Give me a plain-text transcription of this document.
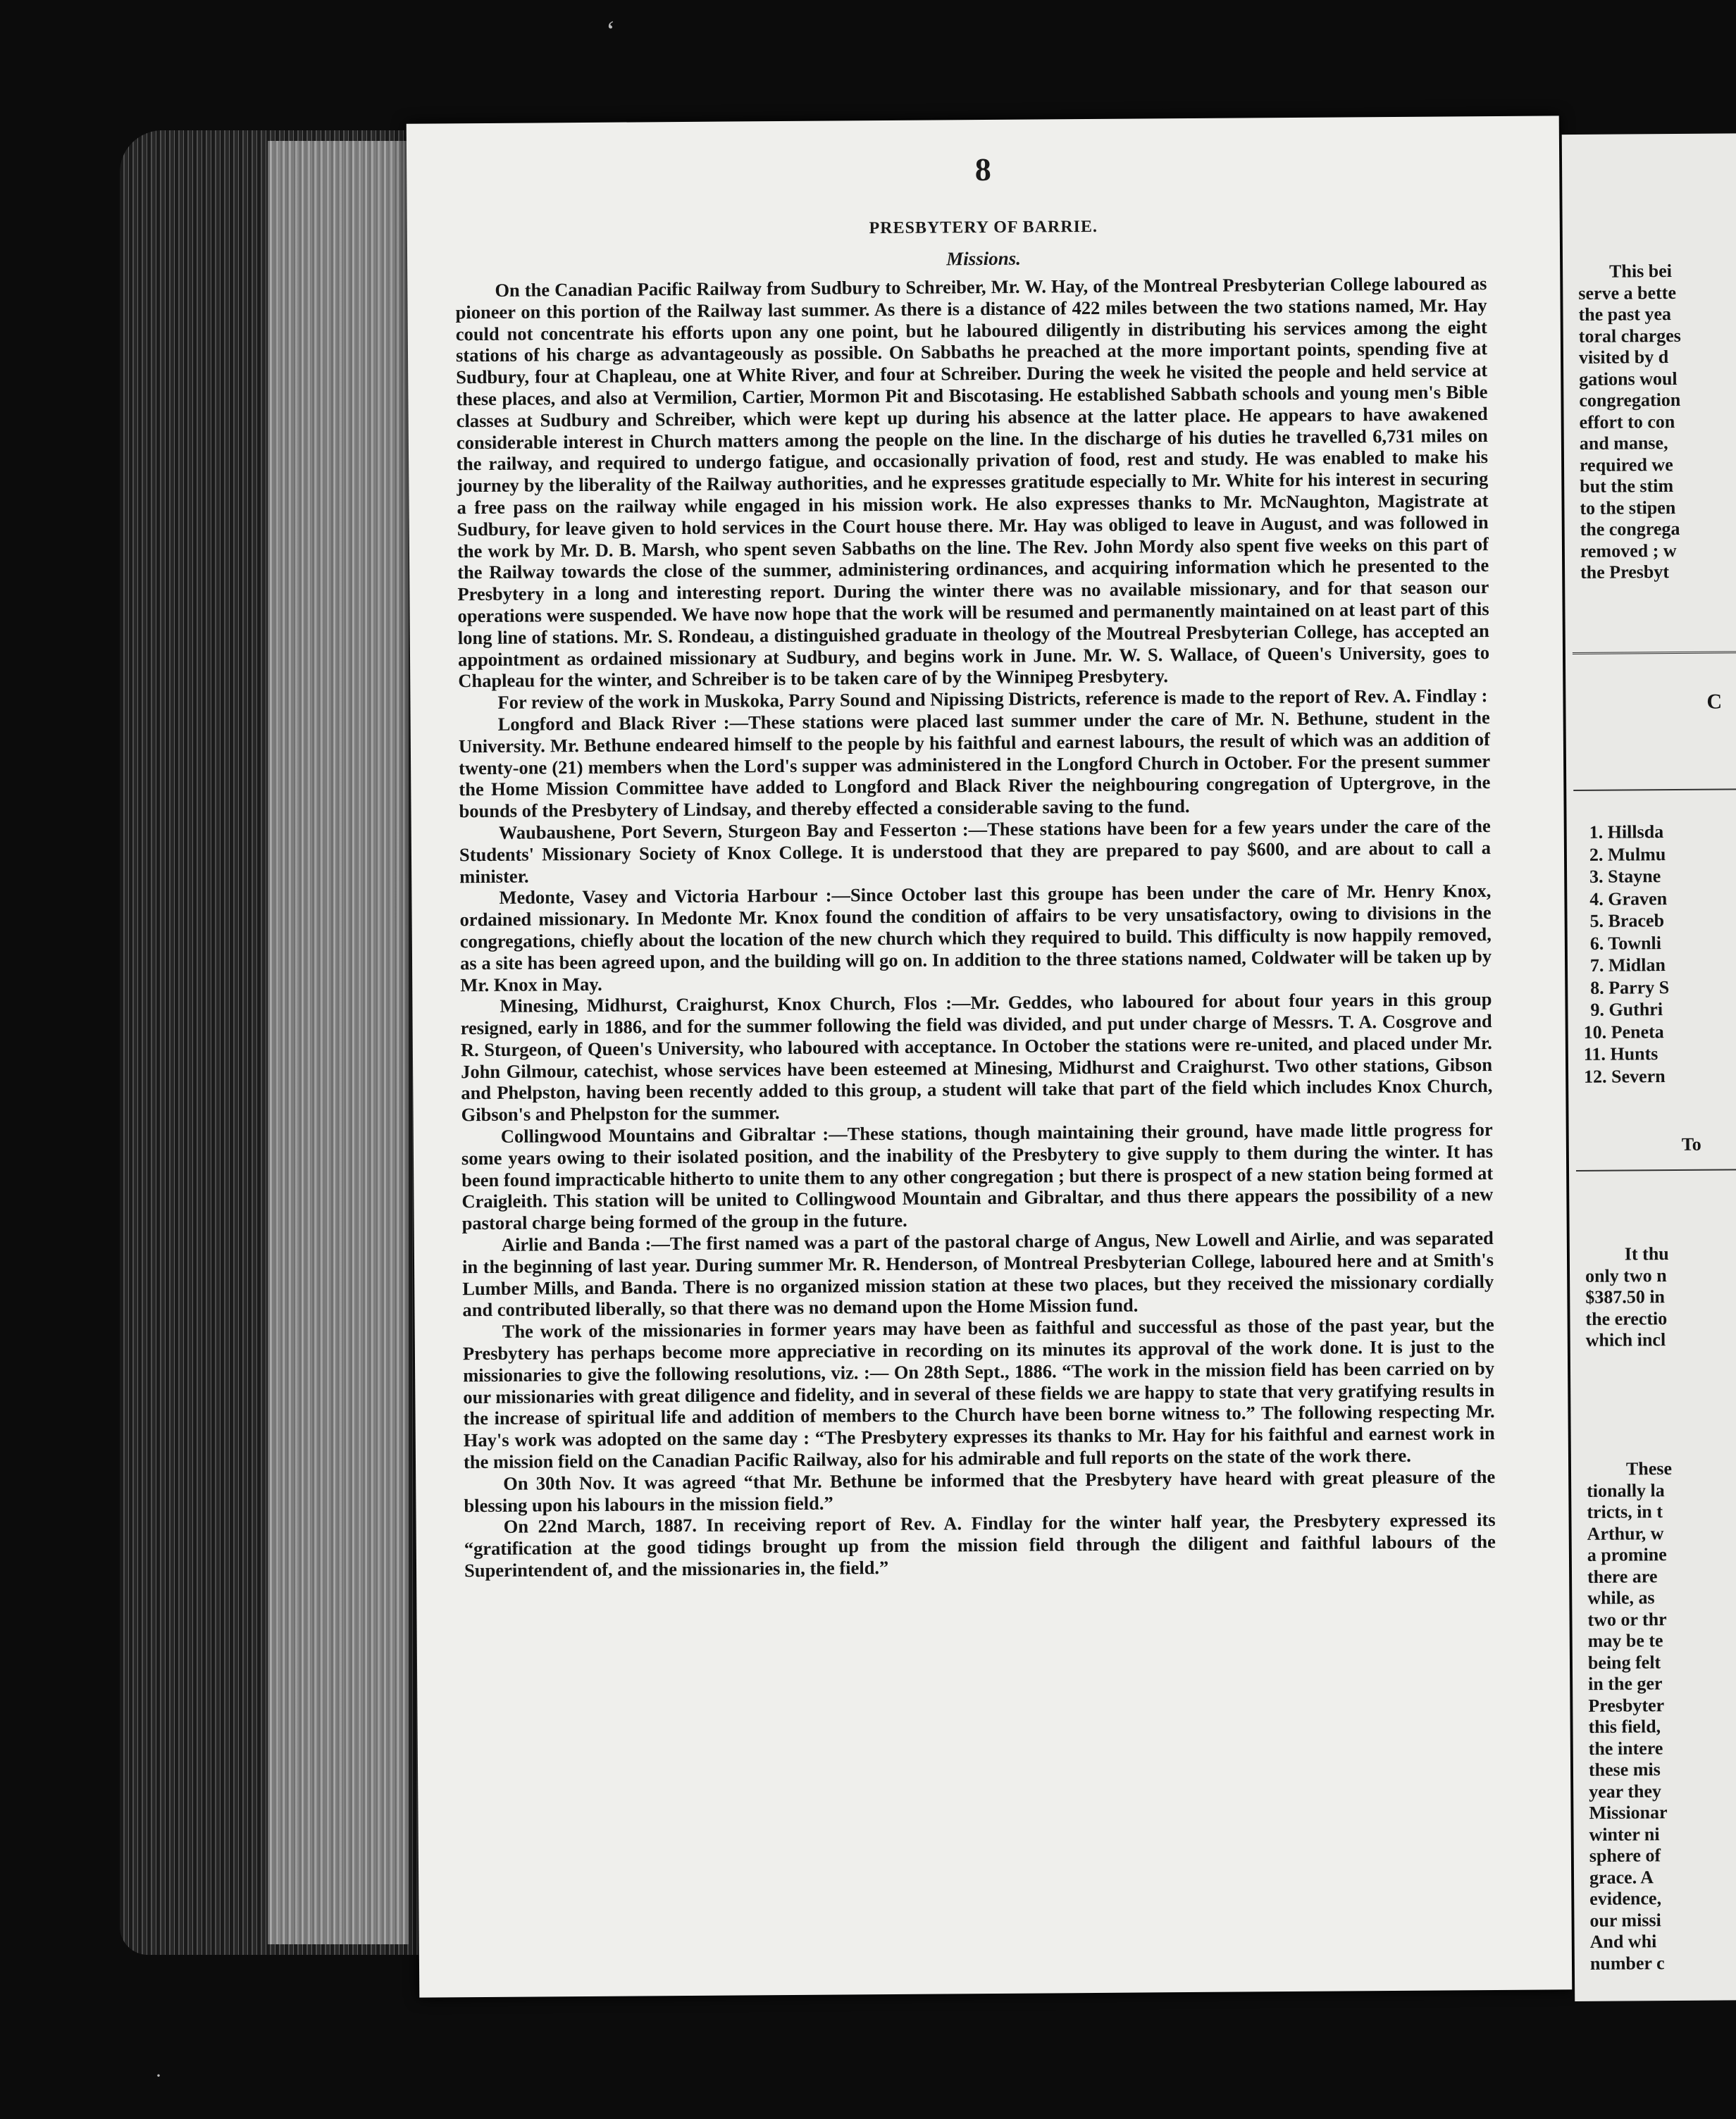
8
PRESBYTERY OF BARRIE.
Missions.

On the Canadian Pacific Railway from Sudbury to Schreiber, Mr. W. Hay, of the Montreal Presbyterian College laboured as pioneer on this portion of the Railway last summer. As there is a distance of 422 miles between the two stations named, Mr. Hay could not concentrate his efforts upon any one point, but he laboured diligently in distributing his services among the eight stations of his charge as advantageously as possible. On Sabbaths he preached at the more important points, spending five at Sudbury, four at Chapleau, one at White River, and four at Schreiber. During the week he visited the people and held service at these places, and also at Vermilion, Cartier, Mormon Pit and Biscotasing. He established Sabbath schools and young men's Bible classes at Sudbury and Schreiber, which were kept up during his absence at the latter place. He appears to have awakened considerable interest in Church matters among the people on the line. In the discharge of his duties he travelled 6,731 miles on the railway, and required to undergo fatigue, and occasionally privation of food, rest and study. He was enabled to make his journey by the liberality of the Railway authorities, and he expresses gratitude especially to Mr. White for his interest in securing a free pass on the railway while engaged in his mission work. He also expresses thanks to Mr. McNaughton, Magistrate at Sudbury, for leave given to hold services in the Court house there. Mr. Hay was obliged to leave in August, and was followed in the work by Mr. D. B. Marsh, who spent seven Sabbaths on the line. The Rev. John Mordy also spent five weeks on this part of the Railway towards the close of the summer, administering ordinances, and acquiring information which he presented to the Presbytery in a long and interesting report. During the winter there was no available missionary, and for that season our operations were suspended. We have now hope that the work will be resumed and permanently maintained on at least part of this long line of stations. Mr. S. Rondeau, a distinguished graduate in theology of the Moutreal Presbyterian College, has accepted an appointment as ordained missionary at Sudbury, and begins work in June. Mr. W. S. Wallace, of Queen's University, goes to Chapleau for the winter, and Schreiber is to be taken care of by the Winnipeg Presbytery.

For review of the work in Muskoka, Parry Sound and Nipissing Districts, reference is made to the report of Rev. A. Findlay :

Longford and Black River :—These stations were placed last summer under the care of Mr. N. Bethune, student in the University. Mr. Bethune endeared himself to the people by his faithful and earnest labours, the result of which was an addition of twenty-one (21) members when the Lord's supper was administered in the Longford Church in October. For the present summer the Home Mission Committee have added to Longford and Black River the neighbouring congregation of Uptergrove, in the bounds of the Presbytery of Lindsay, and thereby effected a considerable saving to the fund.

Waubaushene, Port Severn, Sturgeon Bay and Fesserton :—These stations have been for a few years under the care of the Students' Missionary Society of Knox College. It is understood that they are prepared to pay $600, and are about to call a minister.

Medonte, Vasey and Victoria Harbour :—Since October last this groupe has been under the care of Mr. Henry Knox, ordained missionary. In Medonte Mr. Knox found the condition of affairs to be very unsatisfactory, owing to divisions in the congregations, chiefly about the location of the new church which they required to build. This difficulty is now happily removed, as a site has been agreed upon, and the building will go on. In addition to the three stations named, Coldwater will be taken up by Mr. Knox in May.

Minesing, Midhurst, Craighurst, Knox Church, Flos :—Mr. Geddes, who laboured for about four years in this group resigned, early in 1886, and for the summer following the field was divided, and put under charge of Messrs. T. A. Cosgrove and R. Sturgeon, of Queen's University, who laboured with acceptance. In October the stations were re-united, and placed under Mr. John Gilmour, catechist, whose services have been esteemed at Minesing, Midhurst and Craighurst. Two other stations, Gibson and Phelpston, having been recently added to this group, a student will take that part of the field which includes Knox Church, Gibson's and Phelpston for the summer.

Collingwood Mountains and Gibraltar :—These stations, though maintaining their ground, have made little progress for some years owing to their isolated position, and the inability of the Presbytery to give supply to them during the winter. It has been found impracticable hitherto to unite them to any other congregation ; but there is prospect of a new station being formed at Craigleith. This station will be united to Collingwood Mountain and Gibraltar, and thus there appears the possibility of a new pastoral charge being formed of the group in the future.

Airlie and Banda :—The first named was a part of the pastoral charge of Angus, New Lowell and Airlie, and was separated in the beginning of last year. During summer Mr. R. Henderson, of Montreal Presbyterian College, laboured here and at Smith's Lumber Mills, and Banda. There is no organized mission station at these two places, but they received the missionary cordially and contributed liberally, so that there was no demand upon the Home Mission fund.

The work of the missionaries in former years may have been as faithful and successful as those of the past year, but the Presbytery has perhaps become more appreciative in recording on its minutes its approval of the work done. It is just to the missionaries to give the following resolutions, viz. :— On 28th Sept., 1886. “The work in the mission field has been carried on by our missionaries with great diligence and fidelity, and in several of these fields we are happy to state that very gratifying results in the increase of spiritual life and addition of members to the Church have been borne witness to.” The following respecting Mr. Hay's work was adopted on the same day : “The Presbytery expresses its thanks to Mr. Hay for his faithful and earnest work in the mission field on the Canadian Pacific Railway, also for his admirable and full reports on the state of the work there.

On 30th Nov. It was agreed “that Mr. Bethune be informed that the Presbytery have heard with great pleasure of the blessing upon his labours in the mission field.”

On 22nd March, 1887. In receiving report of Rev. A. Findlay for the winter half year, the Presbytery expressed its “gratification at the good tidings brought up from the mission field through the diligent and faithful labours of the Superintendent of, and the missionaries in, the field.”

This bei
serve a bette
the past yea
toral charges
visited by d
gations woul
congregation
effort to con
and manse,
required we
but the stim
to the stipen
the congrega
removed ; w
the Presbyt
C
1. Hillsda
2. Mulmu
3. Stayne
4. Graven
5. Braceb
6. Townli
7. Midlan
8. Parry S
9. Guthri
10. Peneta
11. Hunts
12. Severn
To
It thu
only two n
$387.50 in
the erectio
which incl
These
tionally la
tricts, in t
Arthur, w
a promine
there are
while, as
two or thr
may be te
being felt
in the ger
Presbyter
this field,
the intere
these mis
year they
Missionar
winter ni
sphere of
grace. A
evidence,
our missi
And whi
number c
ʻ
·
